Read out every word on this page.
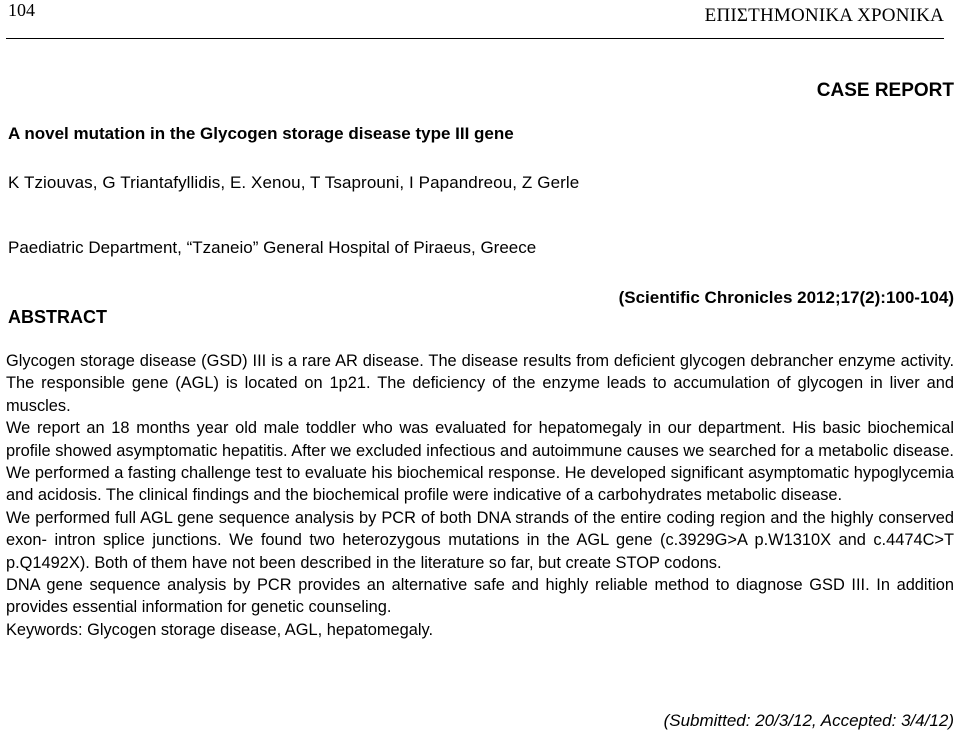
104	ΕΠΙΣΤΗΜΟΝΙΚΑ ΧΡΟΝΙΚΑ
CASE REPORT
A novel mutation in the Glycogen storage disease type III gene
K Tziouvas, G Triantafyllidis, E. Xenou, T Tsaprouni, I Papandreou, Z Gerle
Paediatric Department, “Tzaneio” General Hospital of Piraeus, Greece
(Scientific Chronicles 2012;17(2):100-104)
ABSTRACT

Glycogen storage disease (GSD) III is a rare AR disease. The disease results from deficient glycogen debrancher enzyme activity. The responsible gene (AGL) is located on 1p21. The deficiency of the enzyme leads to accumulation of glycogen in liver and muscles.

We report an 18 months year old male toddler who was evaluated for hepatomegaly in our department. His basic biochemical profile showed asymptomatic hepatitis. After we excluded infectious and autoimmune causes we searched for a metabolic disease. We performed a fasting challenge test to evaluate his biochemical response. He developed significant asymptomatic hypoglycemia and acidosis. The clinical findings and the biochemical profile were indicative of a carbohydrates metabolic disease.

We performed full AGL gene sequence analysis by PCR of both DNA strands of the entire coding region and the highly conserved exon- intron splice junctions. We found two heterozygous mutations in the AGL gene (c.3929G>A p.W1310X and c.4474C>T p.Q1492X). Both of them have not been described in the literature so far, but create STOP codons.

DNA gene sequence analysis by PCR provides an alternative safe and highly reliable method to diagnose GSD III. In addition provides essential information for genetic counseling.

Keywords: Glycogen storage disease, AGL, hepatomegaly.

(Submitted: 20/3/12, Accepted: 3/4/12)
